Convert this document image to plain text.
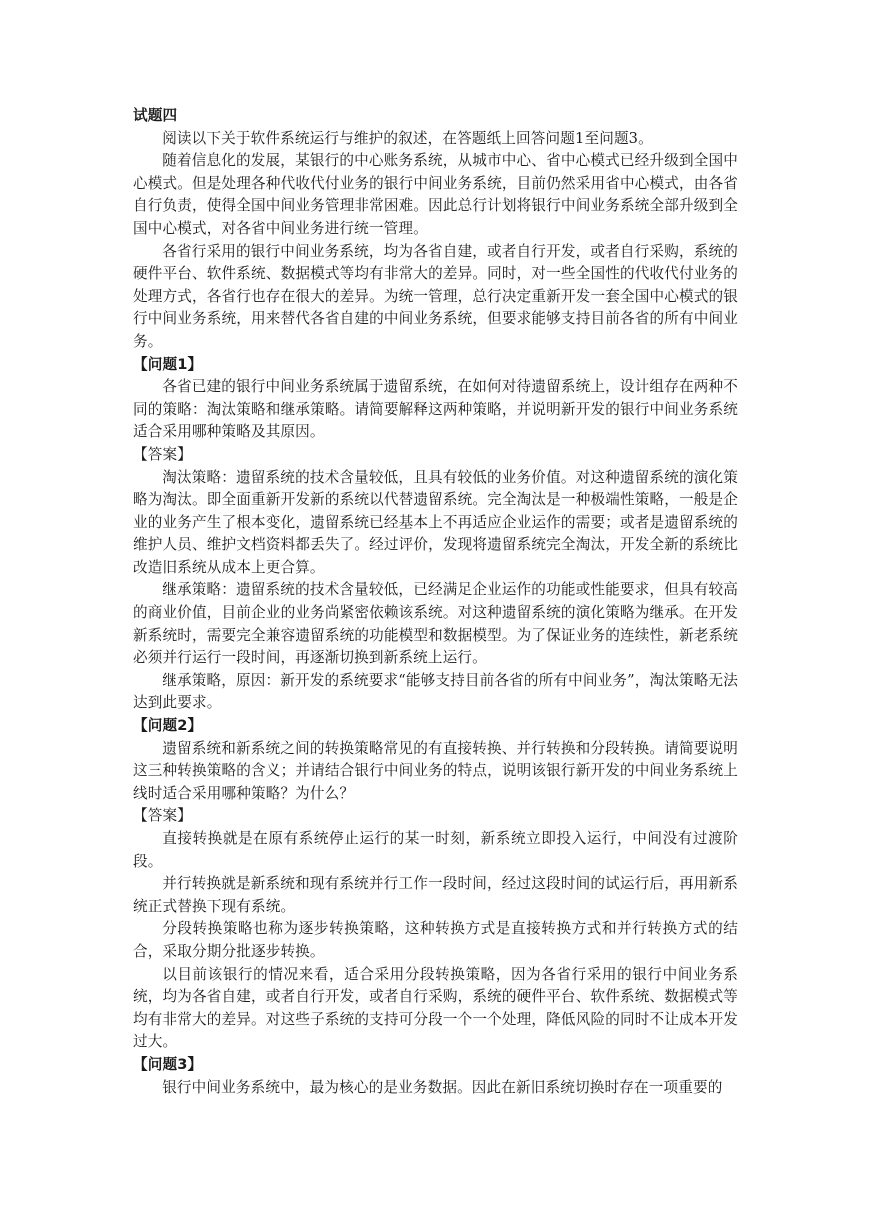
试题四

阅读以下关于软件系统运行与维护的叙述，在答题纸上回答问题1至问题3。

随着信息化的发展，某银行的中心账务系统，从城市中心、省中心模式已经升级到全国中心模式。但是处理各种代收代付业务的银行中间业务系统，目前仍然采用省中心模式，由各省自行负责，使得全国中间业务管理非常困难。因此总行计划将银行中间业务系统全部升级到全国中心模式，对各省中间业务进行统一管理。

各省行采用的银行中间业务系统，均为各省自建，或者自行开发，或者自行采购，系统的硬件平台、软件系统、数据模式等均有非常大的差异。同时，对一些全国性的代收代付业务的处理方式，各省行也存在很大的差异。为统一管理，总行决定重新开发一套全国中心模式的银行中间业务系统，用来替代各省自建的中间业务系统，但要求能够支持目前各省的所有中间业务。

【问题1】

各省已建的银行中间业务系统属于遗留系统，在如何对待遗留系统上，设计组存在两种不同的策略：淘汰策略和继承策略。请简要解释这两种策略，并说明新开发的银行中间业务系统适合采用哪种策略及其原因。

【答案】

淘汰策略：遗留系统的技术含量较低，且具有较低的业务价值。对这种遗留系统的演化策略为淘汰。即全面重新开发新的系统以代替遗留系统。完全淘汰是一种极端性策略，一般是企业的业务产生了根本变化，遗留系统已经基本上不再适应企业运作的需要；或者是遗留系统的维护人员、维护文档资料都丢失了。经过评价，发现将遗留系统完全淘汰，开发全新的系统比改造旧系统从成本上更合算。

继承策略：遗留系统的技术含量较低，已经满足企业运作的功能或性能要求，但具有较高的商业价值，目前企业的业务尚紧密依赖该系统。对这种遗留系统的演化策略为继承。在开发新系统时，需要完全兼容遗留系统的功能模型和数据模型。为了保证业务的连续性，新老系统必须并行运行一段时间，再逐渐切换到新系统上运行。

继承策略，原因：新开发的系统要求“能够支持目前各省的所有中间业务”，淘汰策略无法达到此要求。

【问题2】

遗留系统和新系统之间的转换策略常见的有直接转换、并行转换和分段转换。请简要说明这三种转换策略的含义；并请结合银行中间业务的特点，说明该银行新开发的中间业务系统上线时适合采用哪种策略？为什么？

【答案】

直接转换就是在原有系统停止运行的某一时刻，新系统立即投入运行，中间没有过渡阶段。

并行转换就是新系统和现有系统并行工作一段时间，经过这段时间的试运行后，再用新系统正式替换下现有系统。

分段转换策略也称为逐步转换策略，这种转换方式是直接转换方式和并行转换方式的结合，采取分期分批逐步转换。

以目前该银行的情况来看，适合采用分段转换策略，因为各省行采用的银行中间业务系统，均为各省自建，或者自行开发，或者自行采购，系统的硬件平台、软件系统、数据模式等均有非常大的差异。对这些子系统的支持可分段一个一个处理，降低风险的同时不让成本开发过大。

【问题3】

银行中间业务系统中，最为核心的是业务数据。因此在新旧系统切换时存在一项重要的
